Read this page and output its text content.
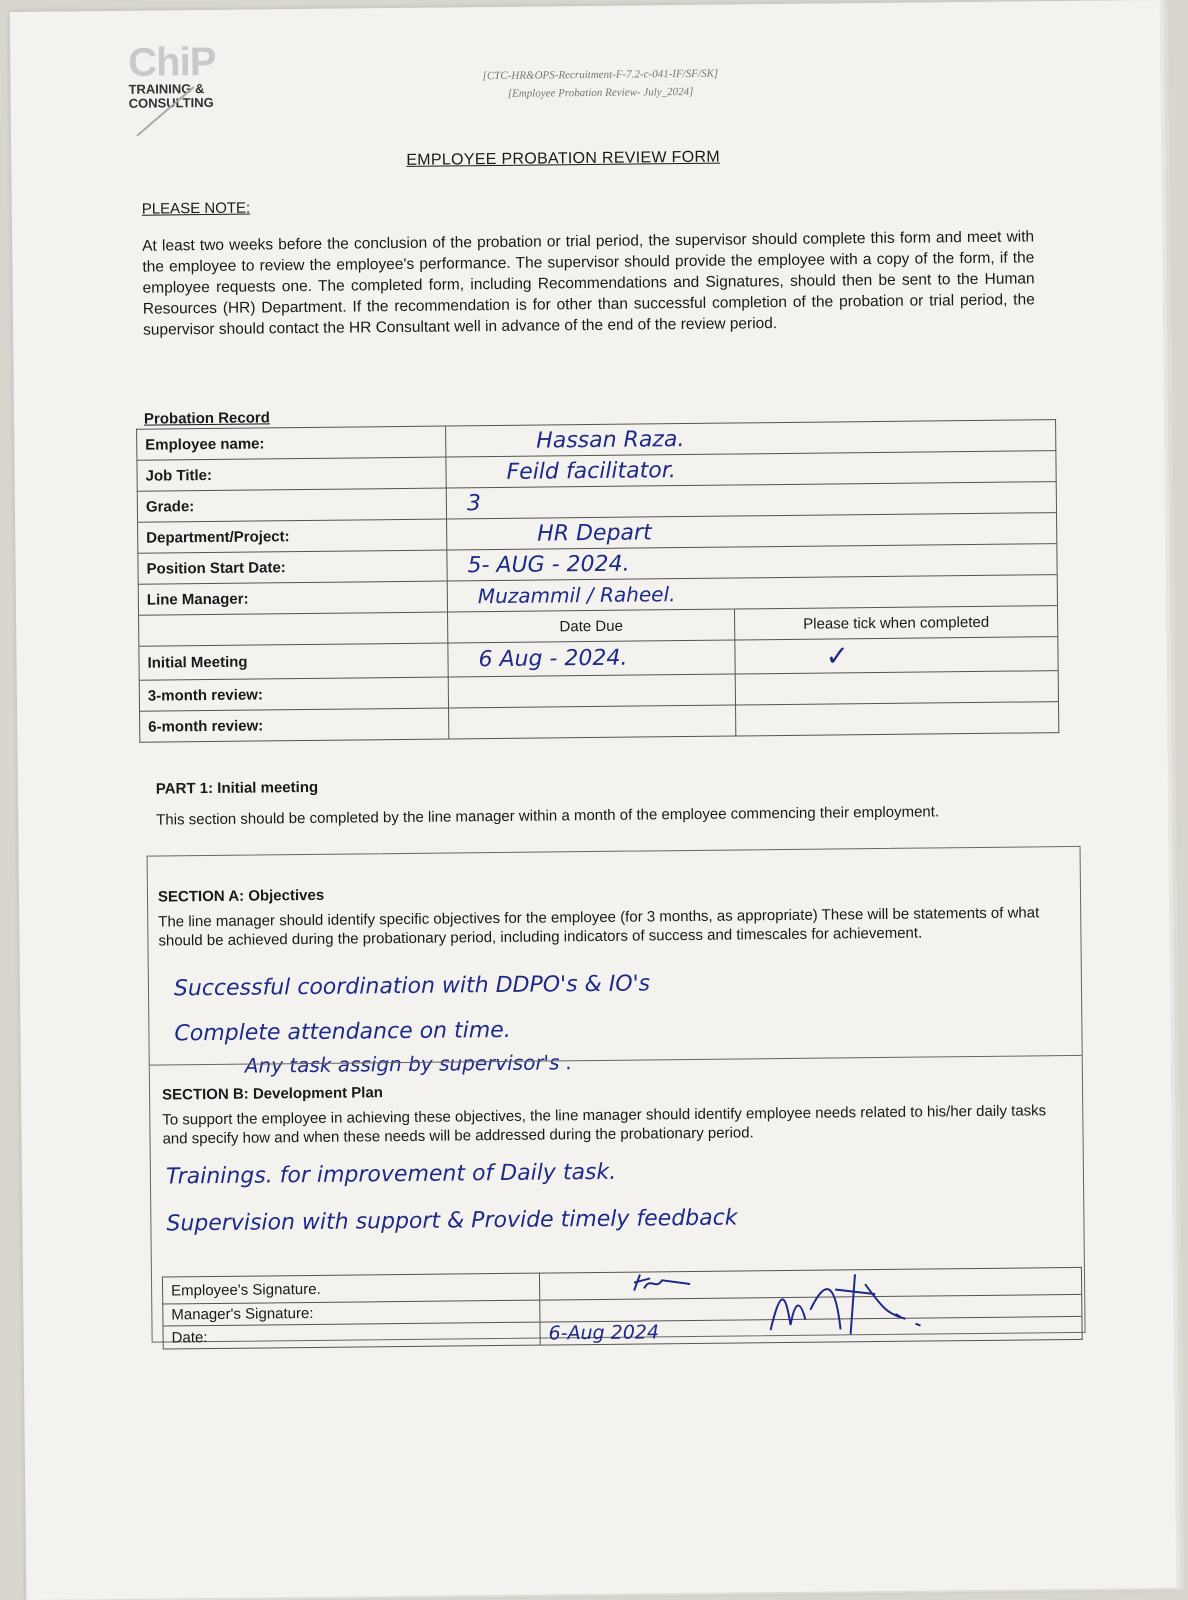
ChiP
TRAINING &
CONSULTING
[CTC-HR&OPS-Recruitment-F-7.2-c-041-IF/SF/SK]
[Employee Probation Review- July_2024]
EMPLOYEE PROBATION REVIEW FORM
PLEASE NOTE:
At least two weeks before the conclusion of the probation or trial period, the supervisor should complete this form and meet with the employee to review the employee's performance. The supervisor should provide the employee with a copy of the form, if the employee requests one. The completed form, including Recommendations and Signatures, should then be sent to the Human Resources (HR) Department. If the recommendation is for other than successful completion of the probation or trial period, the supervisor should contact the HR Consultant well in advance of the end of the review period.
Probation Record
Employee name:	Hassan Raza.	
Job Title:	Feild facilitator.	
Grade:	3	
Department/Project:	HR Depart	
Position Start Date:	5- AUG - 2024.	
Line Manager:	Muzammil / Raheel.	
	Date Due	Please tick when completed
Initial Meeting	6 Aug - 2024.	✓
3-month review:		
6-month review:		
PART 1: Initial meeting
This section should be completed by the line manager within a month of the employee commencing their employment.
SECTION A: Objectives
The line manager should identify specific objectives for the employee (for 3 months, as appropriate) These will be statements of what should be achieved during the probationary period, including indicators of success and timescales for achievement.
Successful coordination with DDPO's & IO's
Complete attendance on time.
Any task assign by supervisor's .
SECTION B: Development Plan
To support the employee in achieving these objectives, the line manager should identify employee needs related to his/her daily tasks and specify how and when these needs will be addressed during the probationary period.
Trainings. for improvement of Daily task.
Supervision with support & Provide timely feedback
Employee's Signature.	
Manager's Signature:	
Date:	6-Aug 2024
